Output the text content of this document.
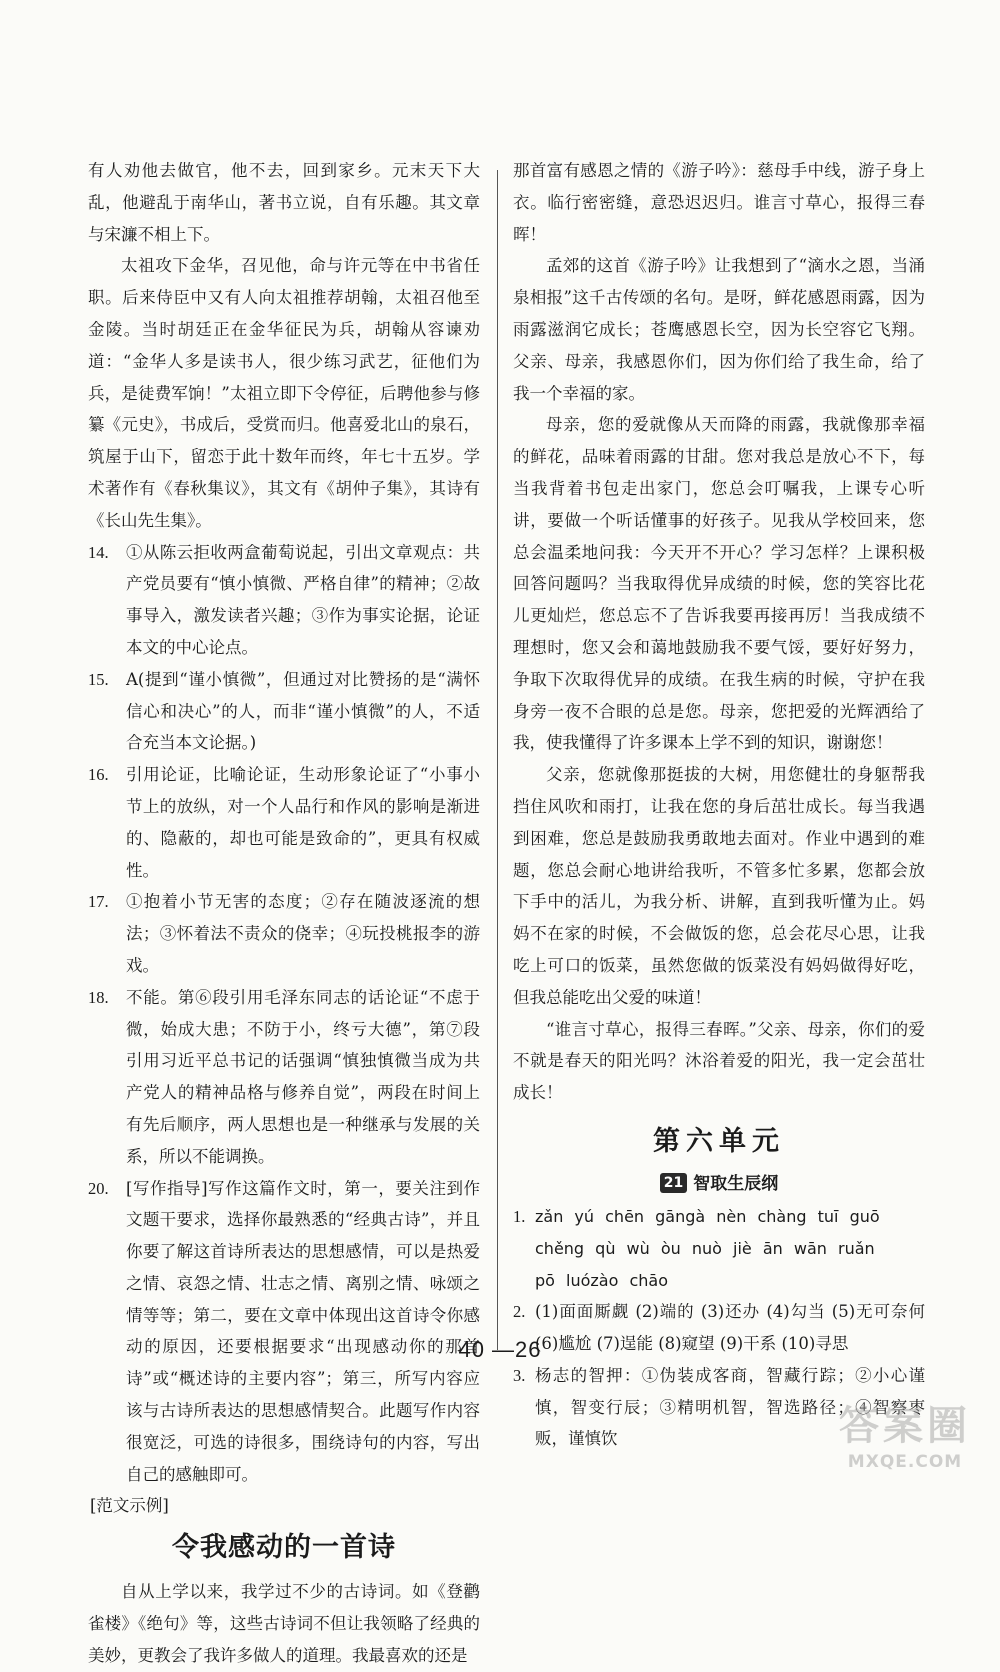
有人劝他去做官，他不去，回到家乡。元末天下大乱，他避乱于南华山，著书立说，自有乐趣。其文章与宋濂不相上下。

太祖攻下金华，召见他，命与许元等在中书省任职。后来侍臣中又有人向太祖推荐胡翰，太祖召他至金陵。当时胡廷正在金华征民为兵，胡翰从容谏劝道：“金华人多是读书人，很少练习武艺，征他们为兵，是徒费军饷！”太祖立即下令停征，后聘他参与修纂《元史》，书成后，受赏而归。他喜爱北山的泉石，筑屋于山下，留恋于此十数年而终，年七十五岁。学术著作有《春秋集议》，其文有《胡仲子集》，其诗有《长山先生集》。

14.	①从陈云拒收两盒葡萄说起，引出文章观点：共产党员要有“慎小慎微、严格自律”的精神；②故事导入，激发读者兴趣；③作为事实论据，论证本文的中心论点。
15.	A(提到“谨小慎微”，但通过对比赞扬的是“满怀信心和决心”的人，而非“谨小慎微”的人，不适合充当本文论据。)
16.	引用论证，比喻论证，生动形象论证了“小事小节上的放纵，对一个人品行和作风的影响是渐进的、隐蔽的，却也可能是致命的”，更具有权威性。
17.	①抱着小节无害的态度；②存在随波逐流的想法；③怀着法不责众的侥幸；④玩投桃报李的游戏。
18.	不能。第⑥段引用毛泽东同志的话论证“不虑于微，始成大患；不防于小，终亏大德”，第⑦段引用习近平总书记的话强调“慎独慎微当成为共产党人的精神品格与修养自觉”，两段在时间上有先后顺序，两人思想也是一种继承与发展的关系，所以不能调换。
20.	[写作指导]写作这篇作文时，第一，要关注到作文题干要求，选择你最熟悉的“经典古诗”，并且你要了解这首诗所表达的思想感情，可以是热爱之情、哀怨之情、壮志之情、离别之情、咏颂之情等等；第二，要在文章中体现出这首诗令你感动的原因，还要根据要求“出现感动你的那首诗”或“概述诗的主要内容”；第三，所写内容应该与古诗所表达的思想感情契合。此题写作内容很宽泛，可选的诗很多，围绕诗句的内容，写出自己的感触即可。
[范文示例]
令我感动的一首诗

自从上学以来，我学过不少的古诗词。如《登鹳雀楼》《绝句》等，这些古诗词不但让我领略了经典的美妙，更教会了我许多做人的道理。我最喜欢的还是

那首富有感恩之情的《游子吟》：慈母手中线，游子身上衣。临行密密缝，意恐迟迟归。谁言寸草心，报得三春晖！

孟郊的这首《游子吟》让我想到了“滴水之恩，当涌泉相报”这千古传颂的名句。是呀，鲜花感恩雨露，因为雨露滋润它成长；苍鹰感恩长空，因为长空容它飞翔。父亲、母亲，我感恩你们，因为你们给了我生命，给了我一个幸福的家。

母亲，您的爱就像从天而降的雨露，我就像那幸福的鲜花，品味着雨露的甘甜。您对我总是放心不下，每当我背着书包走出家门，您总会叮嘱我，上课专心听讲，要做一个听话懂事的好孩子。见我从学校回来，您总会温柔地问我：今天开不开心？学习怎样？上课积极回答问题吗？当我取得优异成绩的时候，您的笑容比花儿更灿烂，您总忘不了告诉我要再接再厉！当我成绩不理想时，您又会和蔼地鼓励我不要气馁，要好好努力，争取下次取得优异的成绩。在我生病的时候，守护在我身旁一夜不合眼的总是您。母亲，您把爱的光辉洒给了我，使我懂得了许多课本上学不到的知识，谢谢您！

父亲，您就像那挺拔的大树，用您健壮的身躯帮我挡住风吹和雨打，让我在您的身后茁壮成长。每当我遇到困难，您总是鼓励我勇敢地去面对。作业中遇到的难题，您总会耐心地讲给我听，不管多忙多累，您都会放下手中的活儿，为我分析、讲解，直到我听懂为止。妈妈不在家的时候，不会做饭的您，总会花尽心思，让我吃上可口的饭菜，虽然您做的饭菜没有妈妈做得好吃，但我总能吃出父爱的味道！

“谁言寸草心，报得三春晖。”父亲、母亲，你们的爱不就是春天的阳光吗？沐浴着爱的阳光，我一定会茁壮成长！

第六单元
21 智取生辰纲
1. zǎn yú chēn gāngà nèn chàng tuī guō
chěng qù wù òu nuò jiè ān wān ruǎn
pō luózào chāo
2. (1)面面厮觑 (2)端的 (3)还办 (4)勾当 (5)无可奈何 (6)尴尬 (7)逞能 (8)窥望 (9)干系 (10)寻思
3. 杨志的智押：①伪装成客商，智藏行踪；②小心谨慎，智变行辰；③精明机智，智选路径；④智察枣贩，谨慎饮
40 —26
答案圈
MXQE.COM
